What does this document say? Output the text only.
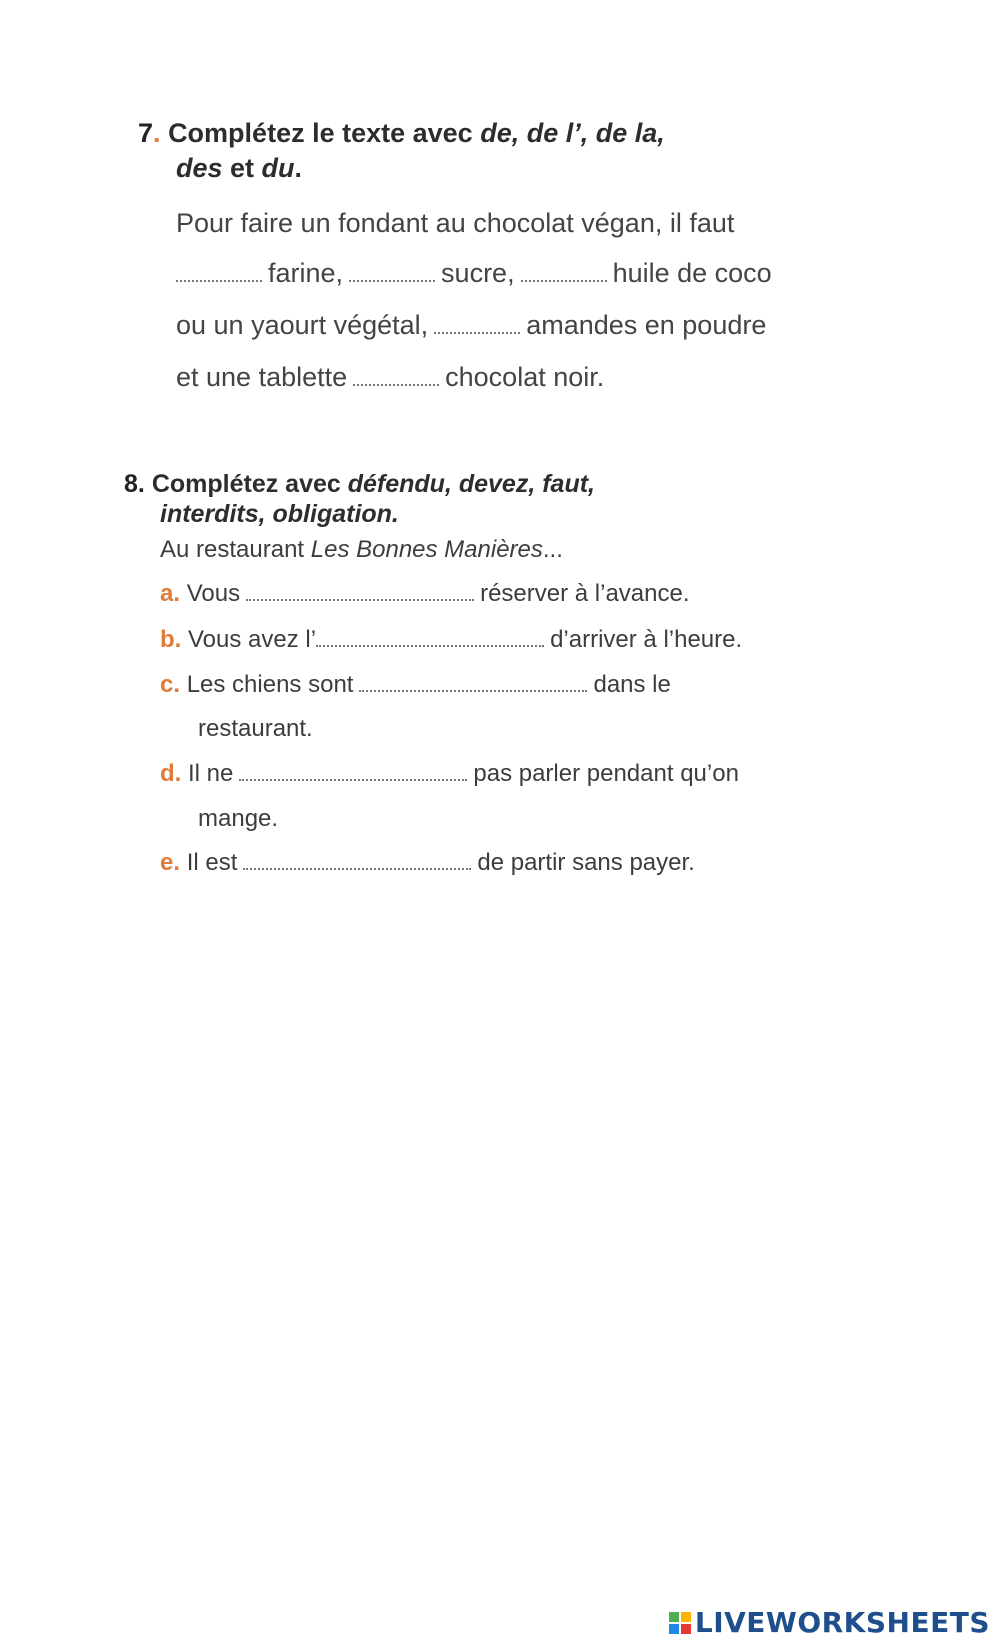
7. Complétez le texte avec de, de l’, de la,
des et du.
Pour faire un fondant au chocolat végan, il faut
farine,	sucre,	huile de coco
ou un yaourt végétal,	amandes en poudre
et une tablette	chocolat noir.
8. Complétez avec défendu, devez, faut,
interdits, obligation.
Au restaurant Les Bonnes Manières...
a. Vous	réserver à l’avance.
b. Vous avez l’	d’arriver à l’heure.
c. Les chiens sont	dans le
restaurant.
d. Il ne	pas parler pendant qu’on
mange.
e. Il est	de partir sans payer.
LIVEWORKSHEETS
